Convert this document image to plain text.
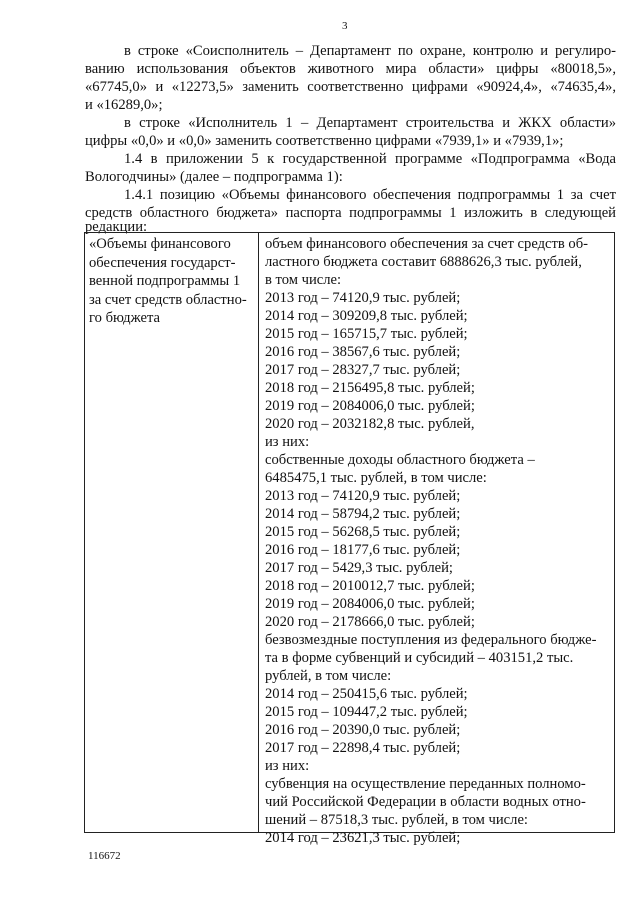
3
в строке «Соисполнитель – Департамент по охране, контролю и регулиро-
ванию использования объектов животного мира области» цифры «80018,5»,
«67745,0» и «12273,5» заменить соответственно цифрами «90924,4», «74635,4»,
и «16289,0»;
в строке «Исполнитель 1 – Департамент строительства и ЖКХ области»
цифры «0,0» и «0,0» заменить соответственно цифрами «7939,1» и «7939,1»;
1.4 в приложении 5 к государственной программе «Подпрограмма «Вода
Вологодчины» (далее – подпрограмма 1):
1.4.1 позицию «Объемы финансового обеспечения подпрограммы 1 за счет
средств областного бюджета» паспорта подпрограммы 1 изложить в следующей
редакции:
«Объемы финансового
обеспечения государст-
венной подпрограммы 1
за счет средств областно-
го бюджета
объем финансового обеспечения за счет средств об-
ластного бюджета составит 6888626,3 тыс. рублей,
в том числе:
2013 год – 74120,9 тыс. рублей;
2014 год – 309209,8 тыс. рублей;
2015 год – 165715,7 тыс. рублей;
2016 год – 38567,6 тыс. рублей;
2017 год – 28327,7 тыс. рублей;
2018 год – 2156495,8 тыс. рублей;
2019 год – 2084006,0 тыс. рублей;
2020 год – 2032182,8 тыс. рублей,
из них:
собственные доходы областного бюджета –
6485475,1 тыс. рублей, в том числе:
2013 год – 74120,9 тыс. рублей;
2014 год – 58794,2 тыс. рублей;
2015 год – 56268,5 тыс. рублей;
2016 год – 18177,6 тыс. рублей;
2017 год – 5429,3 тыс. рублей;
2018 год – 2010012,7 тыс. рублей;
2019 год – 2084006,0 тыс. рублей;
2020 год – 2178666,0 тыс. рублей;
безвозмездные поступления из федерального бюдже-
та в форме субвенций и субсидий – 403151,2 тыс.
рублей, в том числе:
2014 год – 250415,6 тыс. рублей;
2015 год – 109447,2 тыс. рублей;
2016 год – 20390,0 тыс. рублей;
2017 год – 22898,4 тыс. рублей;
из них:
субвенция на осуществление переданных полномо-
чий Российской Федерации в области водных отно-
шений – 87518,3 тыс. рублей, в том числе:
2014 год – 23621,3 тыс. рублей;
116672
